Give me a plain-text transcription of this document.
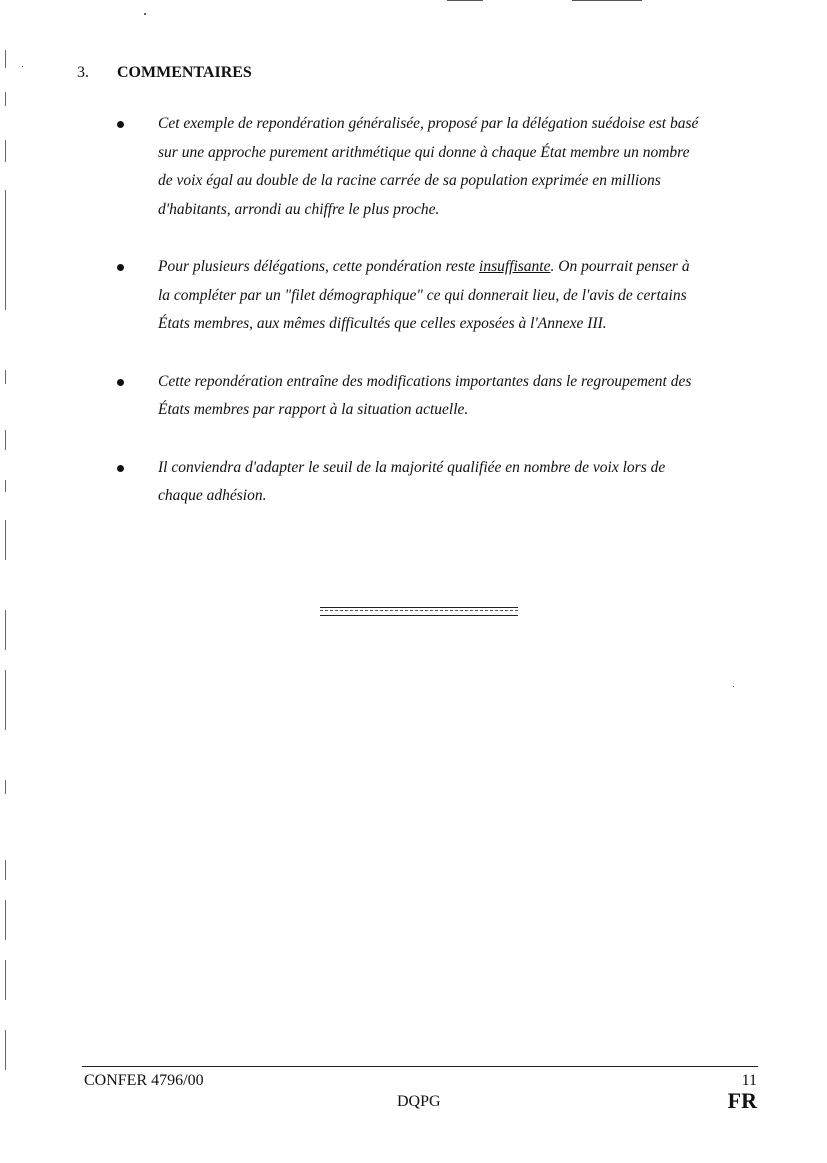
3.	COMMENTAIRES
Cet exemple de repondération généralisée, proposé par la délégation suédoise est basé
sur une approche purement arithmétique qui donne à chaque État membre un nombre
de voix égal au double de la racine carrée de sa population exprimée en millions
d'habitants, arrondi au chiffre le plus proche.
Pour plusieurs délégations, cette pondération reste insuffisante. On pourrait penser à
la compléter par un "filet démographique" ce qui donnerait lieu, de l'avis de certains
États membres, aux mêmes difficultés que celles exposées à l'Annexe III.
Cette repondération entraîne des modifications importantes dans le regroupement des
États membres par rapport à la situation actuelle.
Il conviendra d'adapter le seuil de la majorité qualifiée en nombre de voix lors de
chaque adhésion.
CONFER 4796/00	11
DQPG	FR
